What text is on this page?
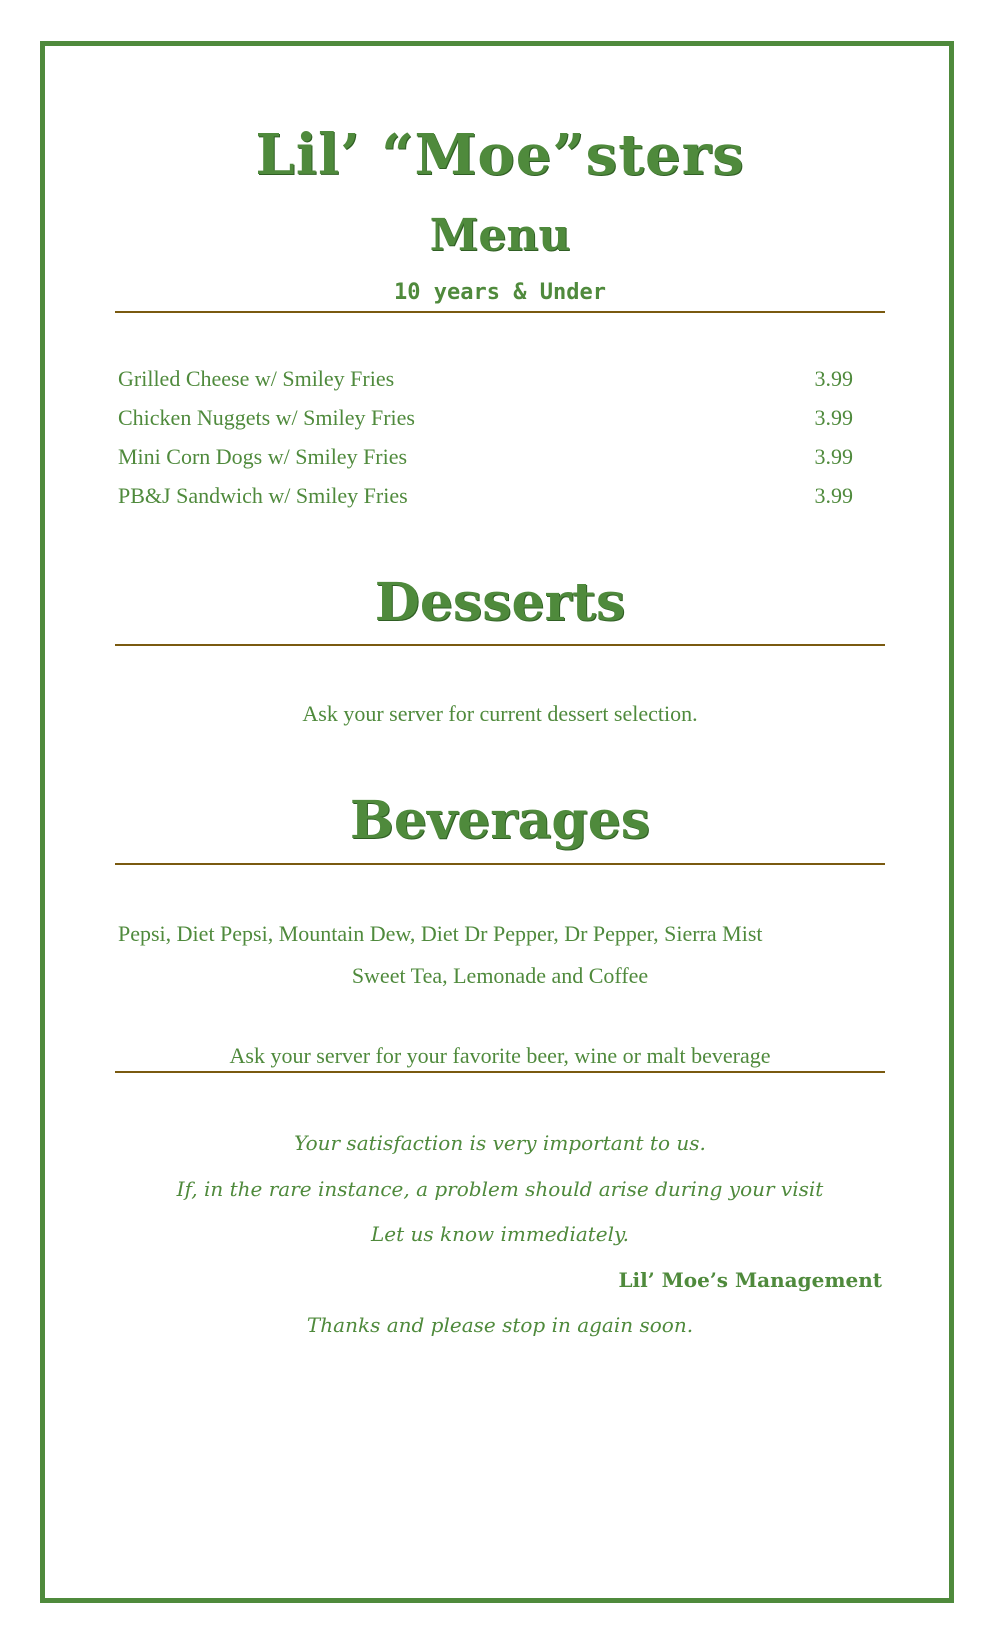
Lil’ “Moe”sters
Menu
10 years & Under
Grilled Cheese w/ Smiley Fries	3.99
Chicken Nuggets w/ Smiley Fries	3.99
Mini Corn Dogs w/ Smiley Fries	3.99
PB&J Sandwich w/ Smiley Fries	3.99
Desserts
Ask your server for current dessert selection.
Beverages
Pepsi, Diet Pepsi, Mountain Dew, Diet Dr Pepper, Dr Pepper, Sierra Mist
Sweet Tea, Lemonade and Coffee
Ask your server for your favorite beer, wine or malt beverage
Your satisfaction is very important to us.
If, in the rare instance, a problem should arise during your visit
Let us know immediately.
Lil’ Moe’s Management
Thanks and please stop in again soon.
